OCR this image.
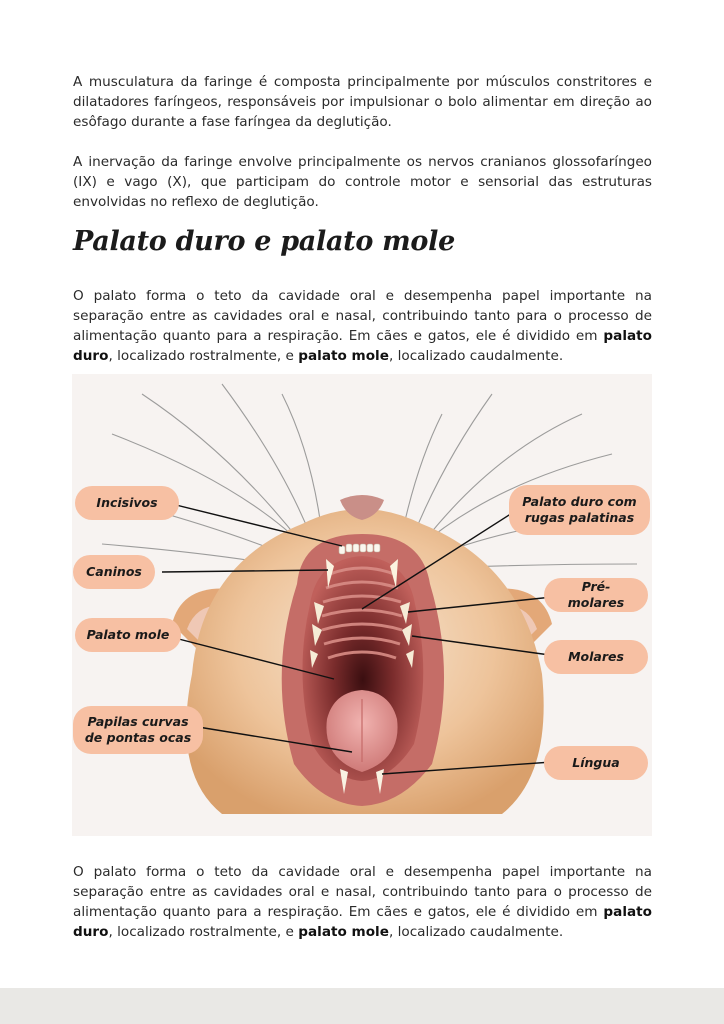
A musculatura da faringe é composta principalmente por músculos constritores e dilatadores faríngeos, responsáveis por impulsionar o bolo alimentar em direção ao esôfago durante a fase faríngea da deglutição.

A inervação da faringe envolve principalmente os nervos cranianos glossofaríngeo (IX) e vago (X), que participam do controle motor e sensorial das estruturas envolvidas no reflexo de deglutição.

Palato duro e palato mole

O palato forma o teto da cavidade oral e desempenha papel importante na separação entre as cavidades oral e nasal, contribuindo tanto para o processo de alimentação quanto para a respiração. Em cães e gatos, ele é dividido em palato duro, localizado rostralmente, e palato mole, localizado caudalmente.

Incisivos
Caninos
Palato mole
Papilas curvas de pontas ocas
Palato duro com rugas palatinas
Pré-molares
Molares
Língua

O palato forma o teto da cavidade oral e desempenha papel importante na separação entre as cavidades oral e nasal, contribuindo tanto para o processo de alimentação quanto para a respiração. Em cães e gatos, ele é dividido em palato duro, localizado rostralmente, e palato mole, localizado caudalmente.
